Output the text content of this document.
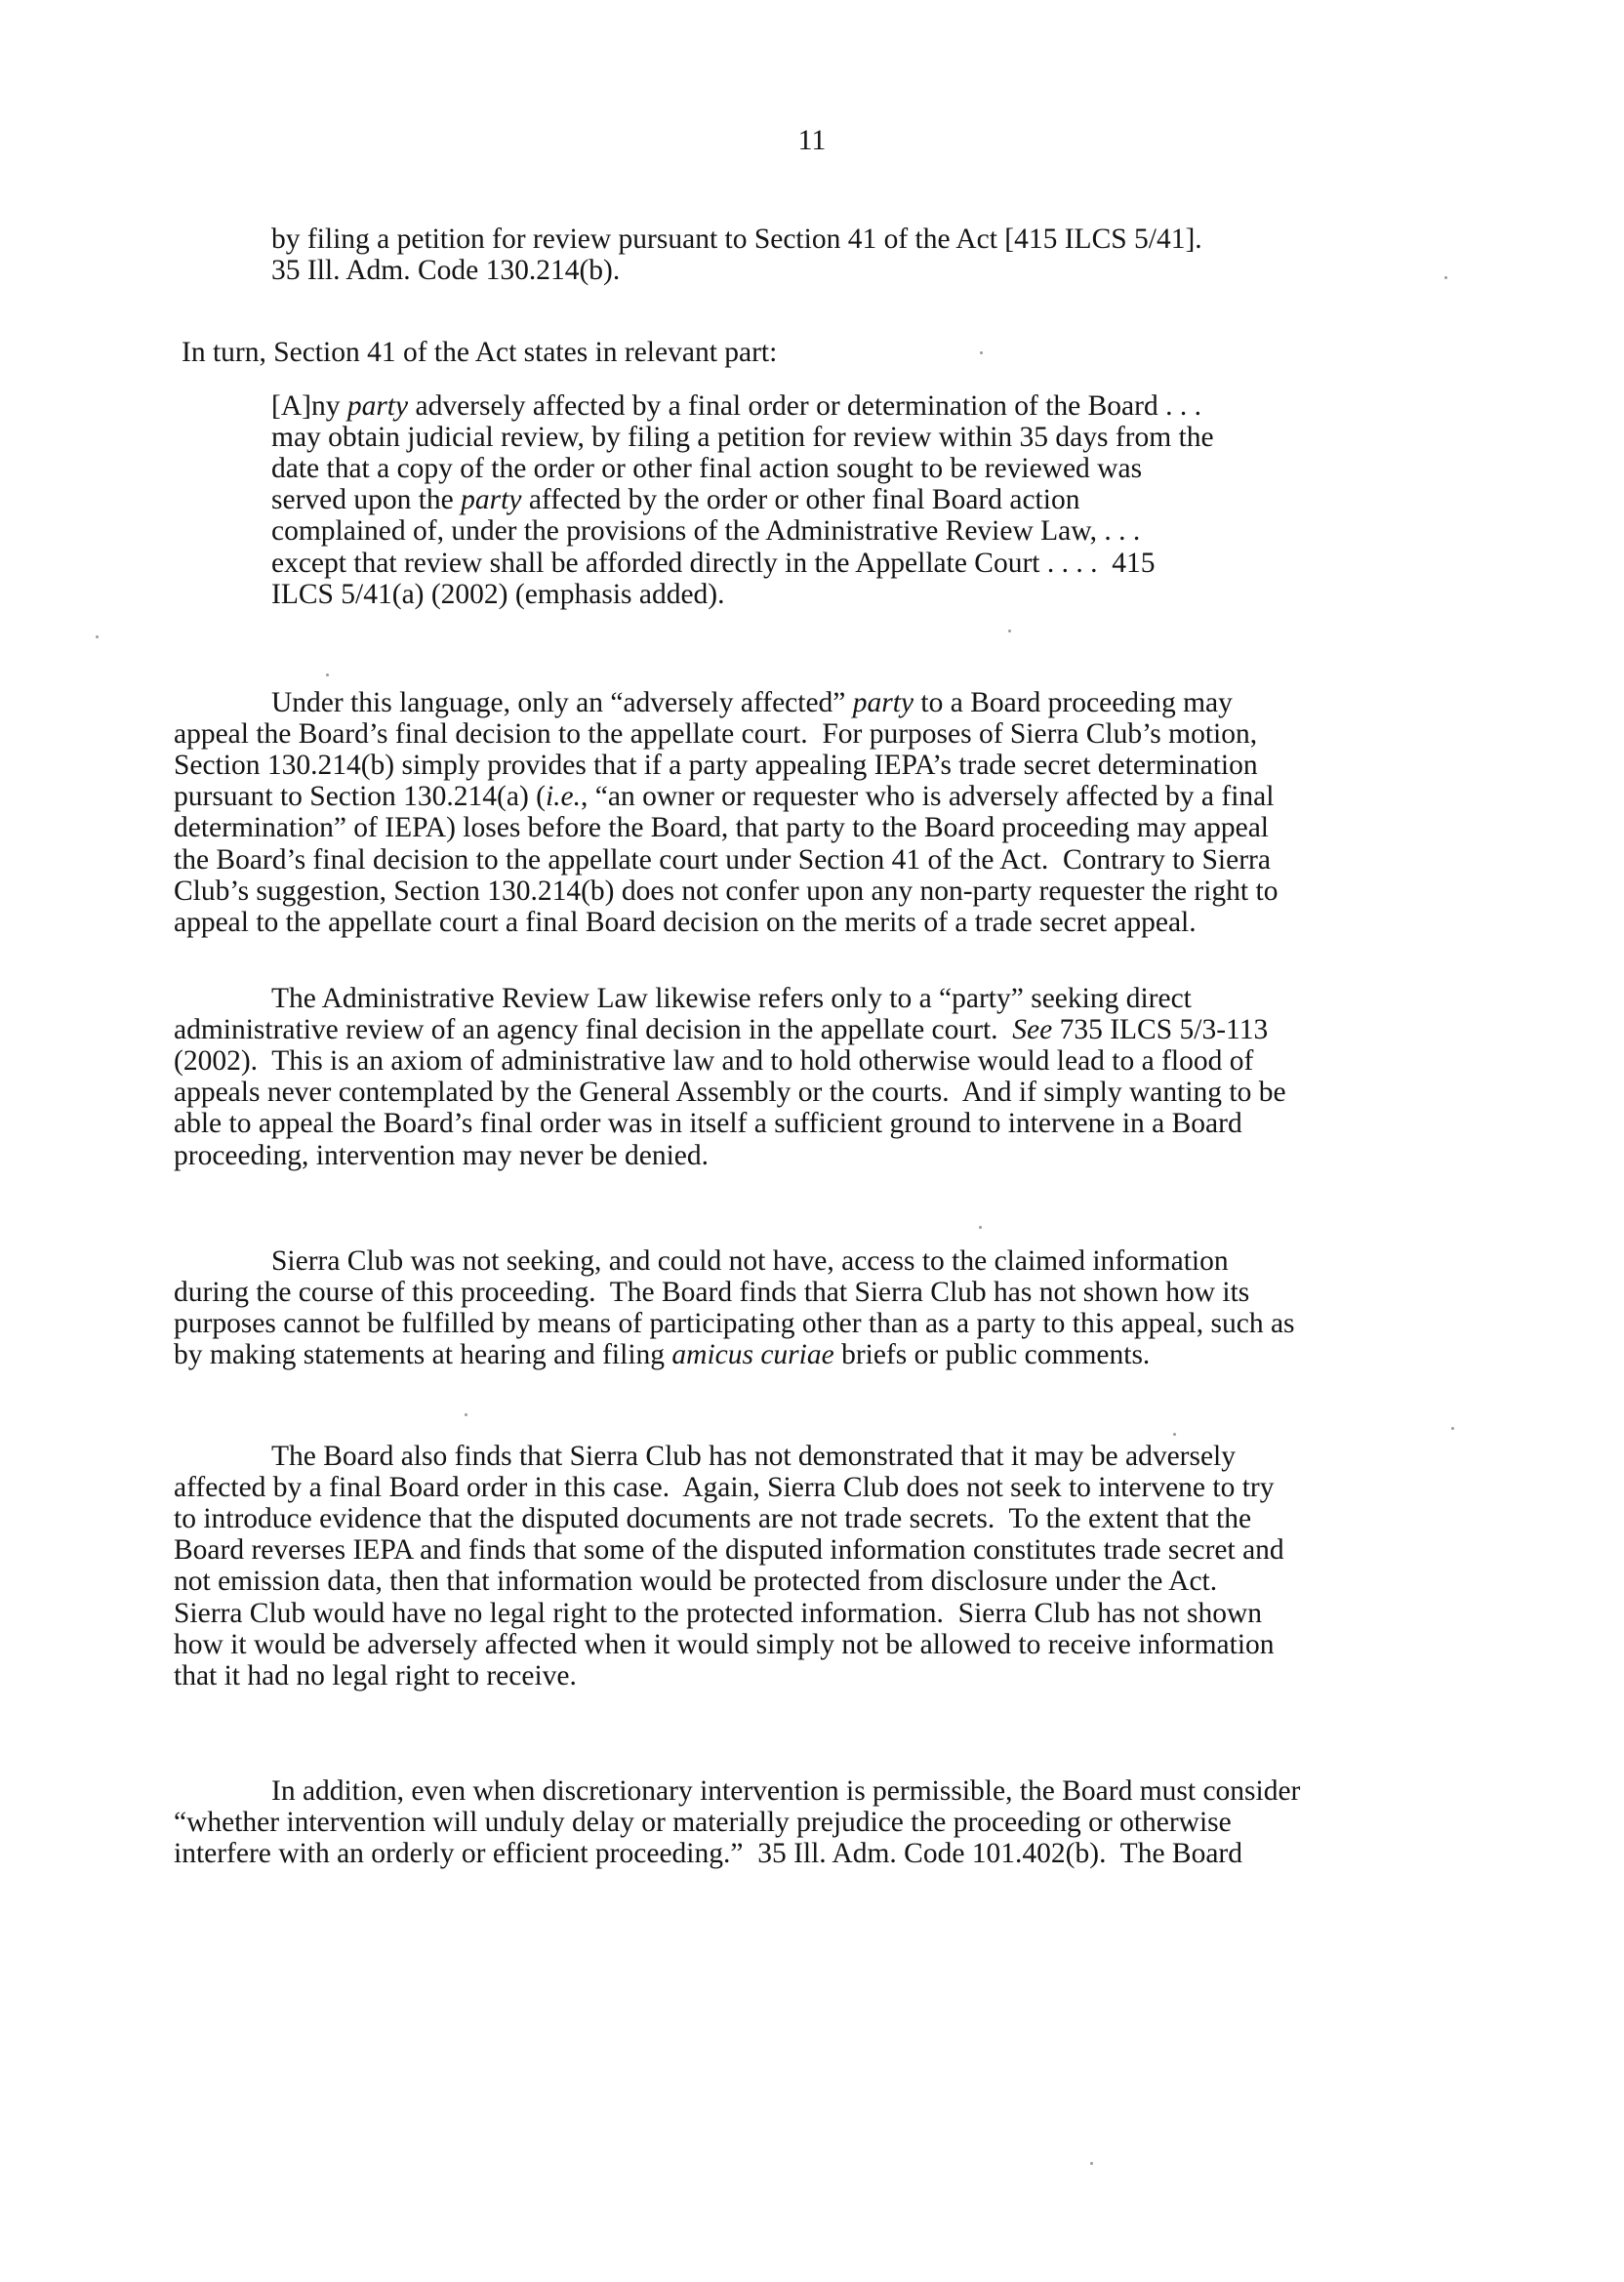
11
by filing a petition for review pursuant to Section 41 of the Act [415 ILCS 5/41].
35 Ill. Adm. Code 130.214(b).
In turn, Section 41 of the Act states in relevant part:
[A]ny party adversely affected by a final order or determination of the Board . . .
may obtain judicial review, by filing a petition for review within 35 days from the
date that a copy of the order or other final action sought to be reviewed was
served upon the party affected by the order or other final Board action
complained of, under the provisions of the Administrative Review Law, . . .
except that review shall be afforded directly in the Appellate Court . . . .  415
ILCS 5/41(a) (2002) (emphasis added).
Under this language, only an “adversely affected” party to a Board proceeding may
appeal the Board’s final decision to the appellate court.  For purposes of Sierra Club’s motion,
Section 130.214(b) simply provides that if a party appealing IEPA’s trade secret determination
pursuant to Section 130.214(a) (i.e., “an owner or requester who is adversely affected by a final
determination” of IEPA) loses before the Board, that party to the Board proceeding may appeal
the Board’s final decision to the appellate court under Section 41 of the Act.  Contrary to Sierra
Club’s suggestion, Section 130.214(b) does not confer upon any non-party requester the right to
appeal to the appellate court a final Board decision on the merits of a trade secret appeal.
The Administrative Review Law likewise refers only to a “party” seeking direct
administrative review of an agency final decision in the appellate court.  See 735 ILCS 5/3-113
(2002).  This is an axiom of administrative law and to hold otherwise would lead to a flood of
appeals never contemplated by the General Assembly or the courts.  And if simply wanting to be
able to appeal the Board’s final order was in itself a sufficient ground to intervene in a Board
proceeding, intervention may never be denied.
Sierra Club was not seeking, and could not have, access to the claimed information
during the course of this proceeding.  The Board finds that Sierra Club has not shown how its
purposes cannot be fulfilled by means of participating other than as a party to this appeal, such as
by making statements at hearing and filing amicus curiae briefs or public comments.
The Board also finds that Sierra Club has not demonstrated that it may be adversely
affected by a final Board order in this case.  Again, Sierra Club does not seek to intervene to try
to introduce evidence that the disputed documents are not trade secrets.  To the extent that the
Board reverses IEPA and finds that some of the disputed information constitutes trade secret and
not emission data, then that information would be protected from disclosure under the Act.
Sierra Club would have no legal right to the protected information.  Sierra Club has not shown
how it would be adversely affected when it would simply not be allowed to receive information
that it had no legal right to receive.
In addition, even when discretionary intervention is permissible, the Board must consider
“whether intervention will unduly delay or materially prejudice the proceeding or otherwise
interfere with an orderly or efficient proceeding.”  35 Ill. Adm. Code 101.402(b).  The Board
